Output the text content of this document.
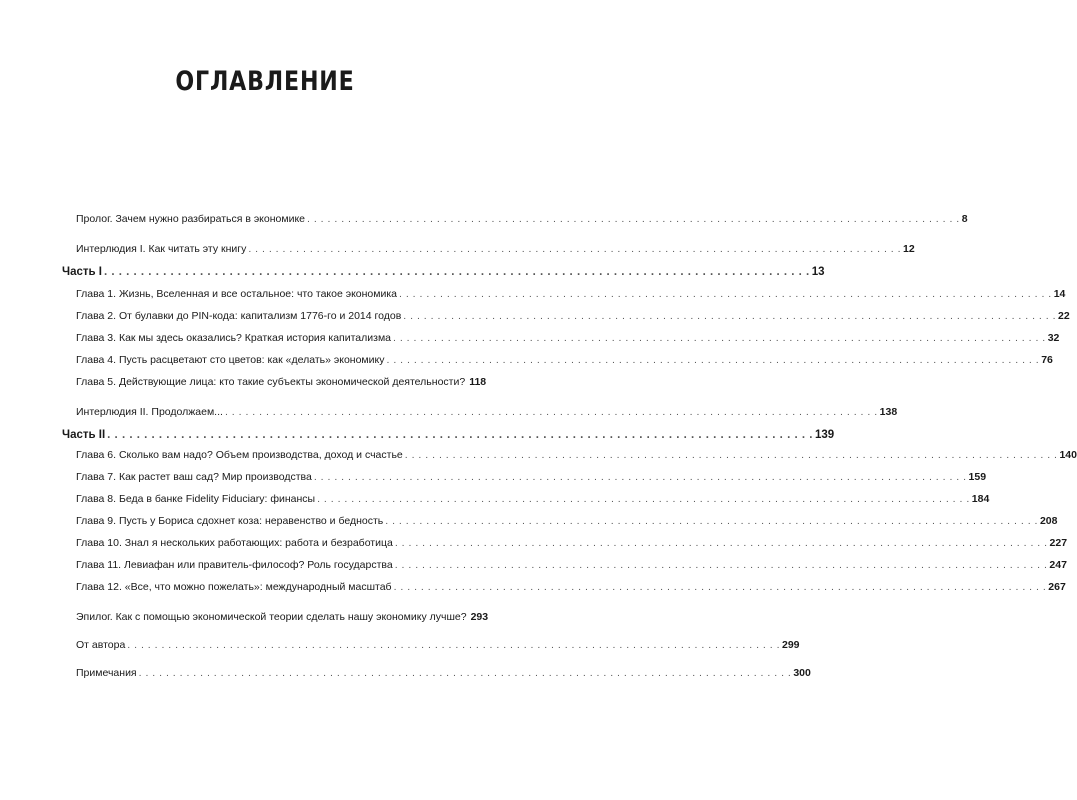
ОГЛАВЛЕНИЕ
Пролог. Зачем нужно разбираться в экономике . . .	8
Интерлюдия I. Как читать эту книгу . . .	12
Часть I . . .	13
Глава 1. Жизнь, Вселенная и все остальное: что такое экономика . . .	14
Глава 2. От булавки до PIN-кода: капитализм 1776-го и 2014 годов . . .	22
Глава 3. Как мы здесь оказались? Краткая история капитализма . . .	32
Глава 4. Пусть расцветают сто цветов: как «делать» экономику . . .	76
Глава 5. Действующие лица: кто такие субъекты экономической деятельности? 118
Интерлюдия II. Продолжаем... . . .	138
Часть II . . .	139
Глава 6. Сколько вам надо? Объем производства, доход и счастье . . .	140
Глава 7. Как растет ваш сад? Мир производства . . .	159
Глава 8. Беда в банке Fidelity Fiduciary: финансы . . .	184
Глава 9. Пусть у Бориса сдохнет коза: неравенство и бедность . . .	208
Глава 10. Знал я нескольких работающих: работа и безработица . . .	227
Глава 11. Левиафан или правитель-философ? Роль государства . . .	247
Глава 12. «Все, что можно пожелать»: международный масштаб . . .	267
Эпилог. Как с помощью экономической теории сделать нашу экономику лучше? 293
От автора . . .	299
Примечания . . .	300
